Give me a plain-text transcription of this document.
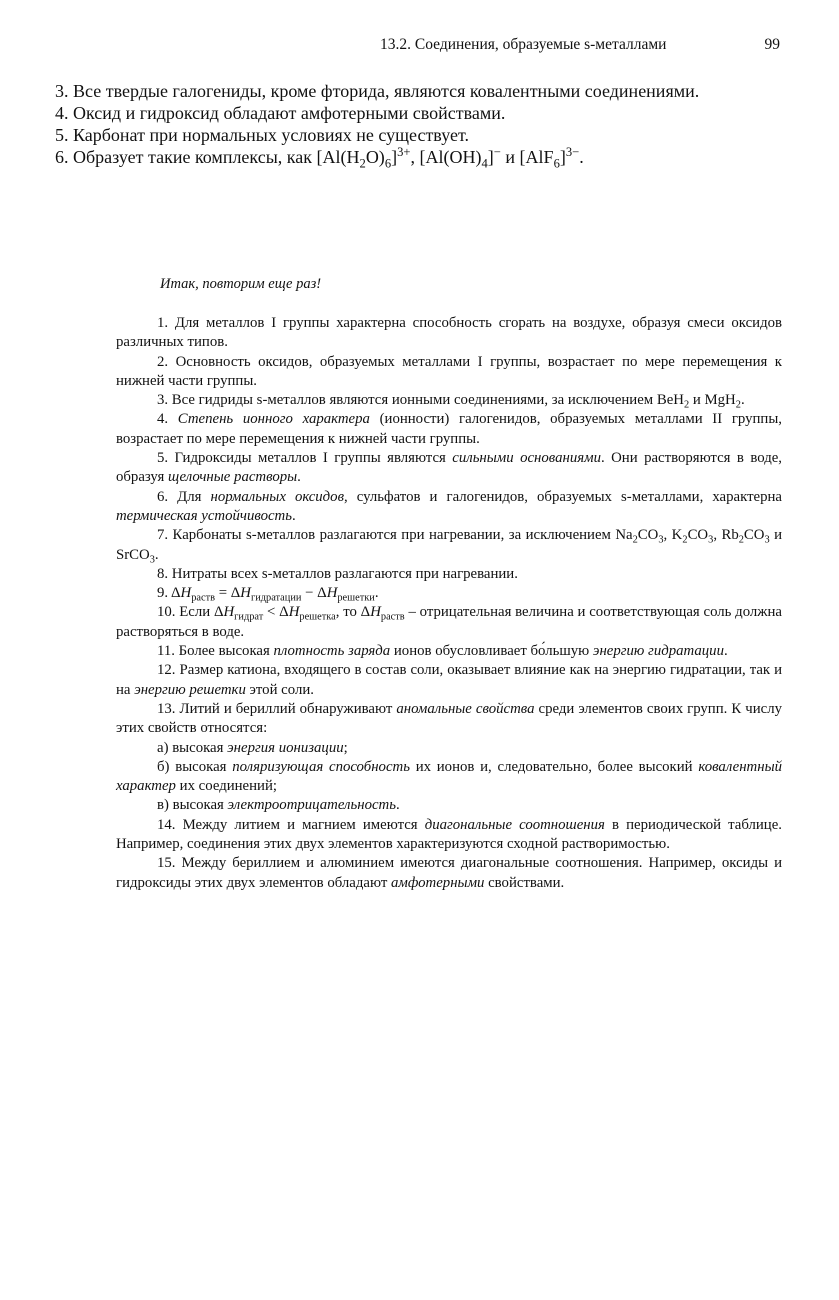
13.2. Соединения, образуемые s-металлами	99

3. Все твердые галогениды, кроме фторида, являются ковалентными соединениями.

4. Оксид и гидроксид обладают амфотерными свойствами.

5. Карбонат при нормальных условиях не существует.

6. Образует такие комплексы, как $[Al(H_2O)_6]^{3+}$, $[Al(OH)_4]^-$ и $[AlF_6]^{3-}$.

Итак, повторим еще раз!

1. Для металлов I группы характерна способность сгорать на воздухе, образуя смеси оксидов различных типов.

2. Основность оксидов, образуемых металлами I группы, возрастает по мере перемещения к нижней части группы.

3. Все гидриды s-металлов являются ионными соединениями, за исключением BeH$_2$ и MgH$_2$.

4. Степень ионного характера (ионности) галогенидов, образуемых металлами II группы, возрастает по мере перемещения к нижней части группы.

5. Гидроксиды металлов I группы являются сильными основаниями. Они растворяются в воде, образуя щелочные растворы.

6. Для нормальных оксидов, сульфатов и галогенидов, образуемых s-металлами, характерна термическая устойчивость.

7. Карбонаты s-металлов разлагаются при нагревании, за исключением $Na_2CO_3$, $K_2CO_3$, $Rb_2CO_3$ и SrCO$_3$.

8. Нитраты всех s-металлов разлагаются при нагревании.

9. $\Delta H_{раств} = \Delta H_{гидратации} - \Delta H_{решетки}$.

10. Если $\Delta H_{гидрат} < \Delta H_{решетка}$, то $\Delta H_{раств}$ – отрицательная величина и соответствующая соль должна растворяться в воде.

11. Более высокая плотность заряда ионов обусловливает бо́льшую энергию гидратации.

12. Размер катиона, входящего в состав соли, оказывает влияние как на энергию гидратации, так и на энергию решетки этой соли.

13. Литий и бериллий обнаруживают аномальные свойства среди элементов своих групп. К числу этих свойств относятся:

а) высокая энергия ионизации;

б) высокая поляризующая способность их ионов и, следовательно, более высокий ковалентный характер их соединений;

в) высокая электроотрицательность.

14. Между литием и магнием имеются диагональные соотношения в периодической таблице. Например, соединения этих двух элементов характеризуются сходной растворимостью.

15. Между бериллием и алюминием имеются диагональные соотношения. Например, оксиды и гидроксиды этих двух элементов обладают амфотерными свойствами.
